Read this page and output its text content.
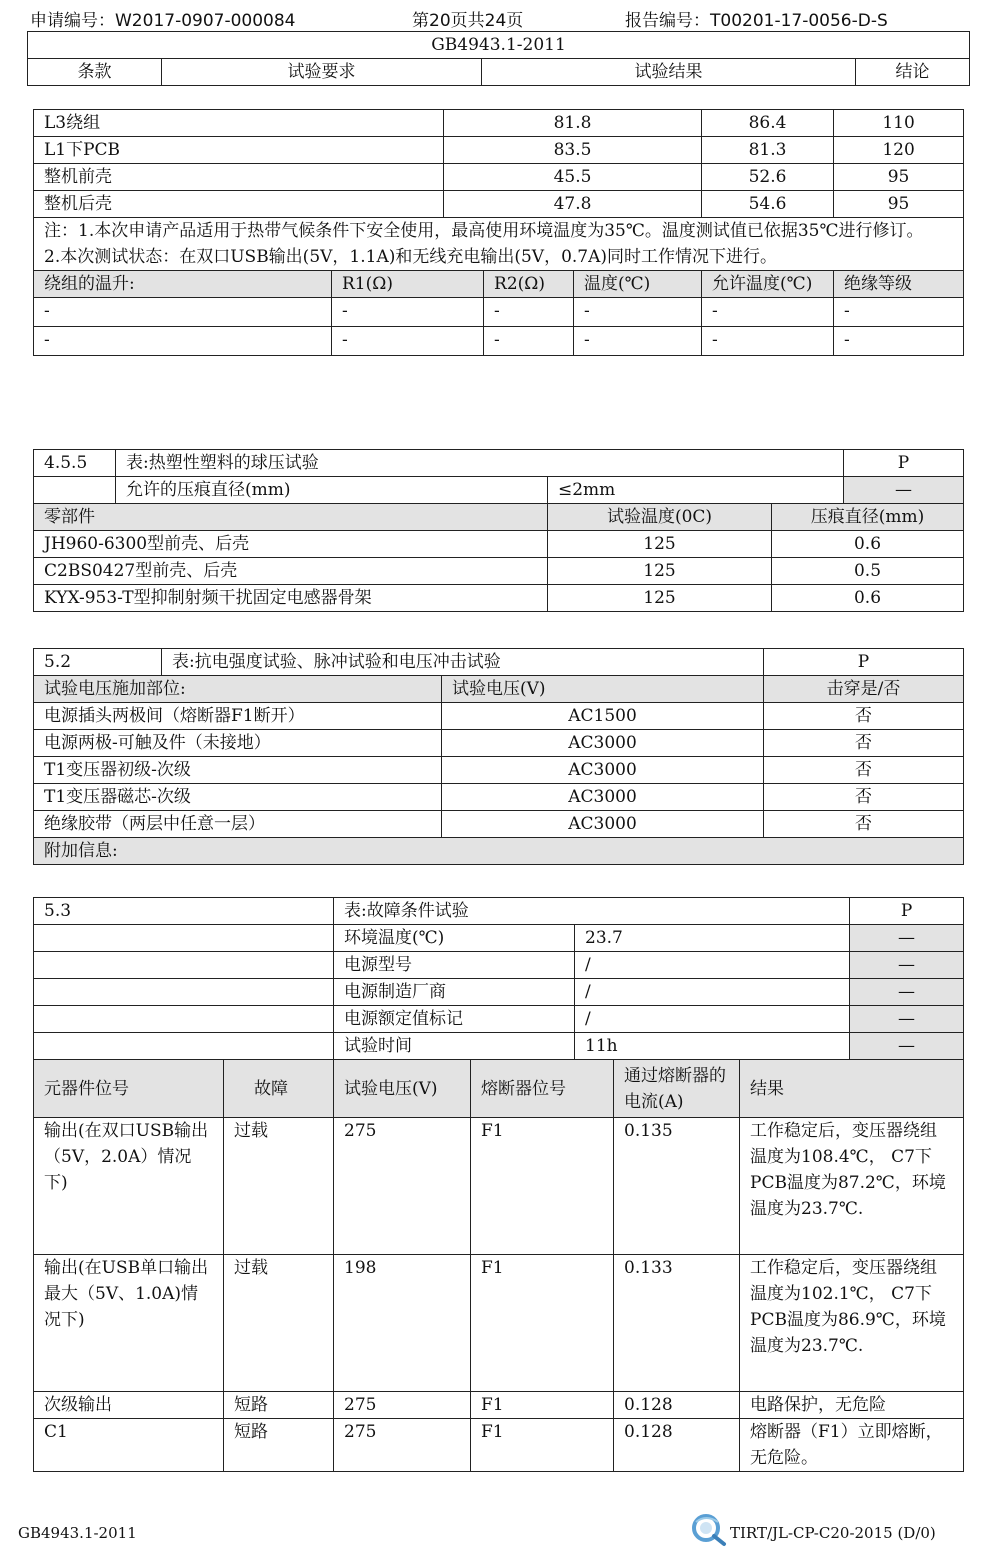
申请编号：W2017-0907-000084	第20页共24页	报告编号：T00201-17-0056-D-S
GB4943.1-2011
条款	试验要求	试验结果	结论
L3绕组		81.8			86.4	110
L1下PCB		83.5			81.3	120
整机前壳		45.5			52.6	95
整机后壳		47.8			54.6	95

注：1.本次申请产品适用于热带气候条件下安全使用，最高使用环境温度为35℃。温度测试值已依据35℃进行修订。
2.本次测试状态：在双口USB输出(5V，1.1A)和无线充电输出(5V，0.7A)同时工作情况下进行。						

绕组的温升:	R1(Ω)		R2(Ω)	温度(℃)	允许温度(℃)	绝缘等级
-	-		-	-	-	-
-	-		-	-	-	-
4.5.5	表:热塑性塑料的球压试验			P
	允许的压痕直径(mm)	≤2mm		—
零部件		试验温度(0C)	压痕直径(mm)	
JH960-6300型前壳、后壳		125	0.6	
C2BS0427型前壳、后壳		125	0.5	
KYX-953-T型抑制射频干扰固定电感器骨架		125	0.6	
5.2	表:抗电强度试验、脉冲试验和电压冲击试验		P
试验电压施加部位:		试验电压(V)	击穿是/否
电源插头两极间（熔断器F1断开）		AC1500	否
电源两极-可触及件（未接地）		AC3000	否
T1变压器初级-次级		AC3000	否
T1变压器磁芯-次级		AC3000	否
绝缘胶带（两层中任意一层）		AC3000	否
附加信息:			
5.3		表:故障条件试验					P
		环境温度(℃)		23.7			—
		电源型号		/			—
		电源制造厂商		/			—
		电源额定值标记		/			—
		试验时间		11h			—
元器件位号	故障	试验电压(V)	熔断器位号		通过熔断器的电流(A)	结果	
输出(在双口USB输出（5V，2.0A）情况下)	过载	275	F1		0.135	工作稳定后，变压器绕组温度为108.4℃， C7下PCB温度为87.2℃，环境温度为23.7℃.	
输出(在USB单口输出最大（5V、1.0A)情况下)	过载	198	F1		0.133	工作稳定后，变压器绕组温度为102.1℃， C7下PCB温度为86.9℃，环境温度为23.7℃.	
次级输出	短路	275	F1		0.128	电路保护，无危险	
C1	短路	275	F1		0.128	熔断器（F1）立即熔断，无危险。	
GB4943.1-2011	TIRT/JL-CP-C20-2015 (D/0)
